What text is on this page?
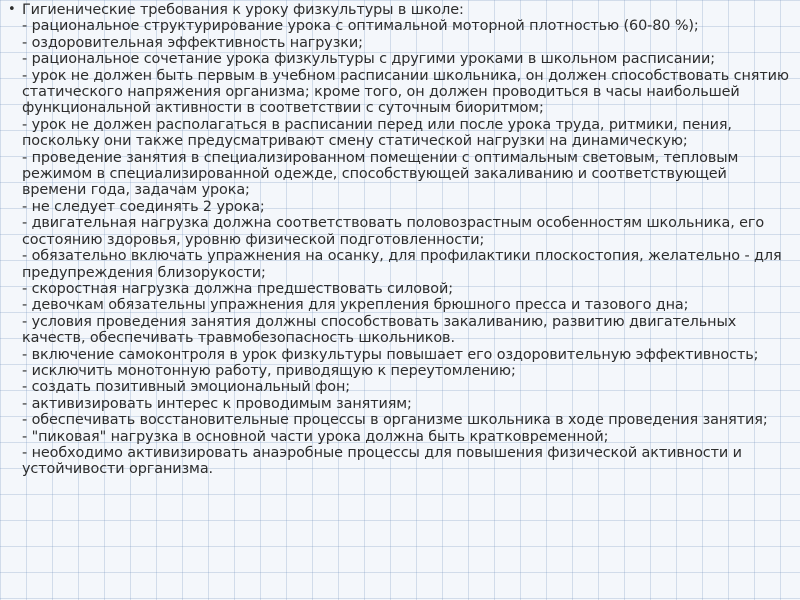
• Гигиенические требования к уроку физкультуры в школе:
- рациональное структурирование урока с оптимальной моторной плотностью (60-80 %);
- оздоровительная эффективность нагрузки;
- рациональное сочетание урока физкультуры с другими уроками в школьном расписании;
- урок не должен быть первым в учебном расписании школьника, он должен способствовать снятию статического напряжения организма; кроме того, он должен проводиться в часы наибольшей функциональной активности в соответствии с суточным биоритмом;
- урок не должен располагаться в расписании перед или после урока труда, ритмики, пения, поскольку они также предусматривают смену статической нагрузки на динамическую;
- проведение занятия в специализированном помещении с оптимальным световым, тепловым режимом в специализированной одежде, способствующей закаливанию и соответствующей времени года, задачам урока;
- не следует соединять 2 урока;
- двигательная нагрузка должна соответствовать половозрастным особенностям школьника, его состоянию здоровья, уровню физической подготовленности;
- обязательно включать упражнения на осанку, для профилактики плоскостопия, желательно - для предупреждения близорукости;
- скоростная нагрузка должна предшествовать силовой;
- девочкам обязательны упражнения для укрепления брюшного пресса и тазового дна;
- условия проведения занятия должны способствовать закаливанию, развитию двигательных качеств, обеспечивать травмобезопасность школьников.
- включение самоконтроля в урок физкультуры повышает его оздоровительную эффективность;
- исключить монотонную работу, приводящую к переутомлению;
- создать позитивный эмоциональный фон;
- активизировать интерес к проводимым занятиям;
- обеспечивать восстановительные процессы в организме школьника в ходе проведения занятия;
- "пиковая" нагрузка в основной части урока должна быть кратковременной;
- необходимо активизировать анаэробные процессы для повышения физической активности и устойчивости организма.
